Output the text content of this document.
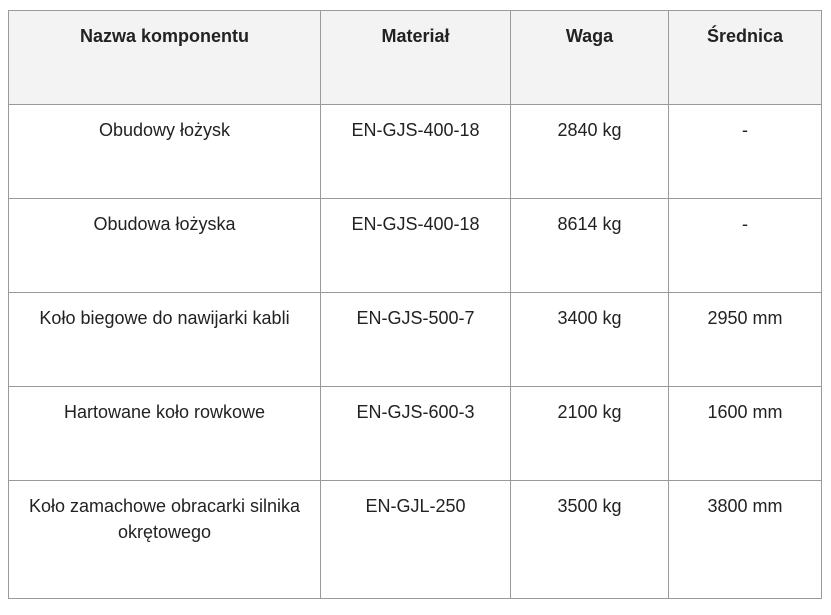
Nazwa komponentu	Materiał	Waga	Średnica
Obudowy łożysk	EN-GJS-400-18	2840 kg	-
Obudowa łożyska	EN-GJS-400-18	8614 kg	-
Koło biegowe do nawijarki kabli	EN-GJS-500-7	3400 kg	2950 mm
Hartowane koło rowkowe	EN-GJS-600-3	2100 kg	1600 mm
Koło zamachowe obracarki silnika okrętowego	EN-GJL-250	3500 kg	3800 mm
